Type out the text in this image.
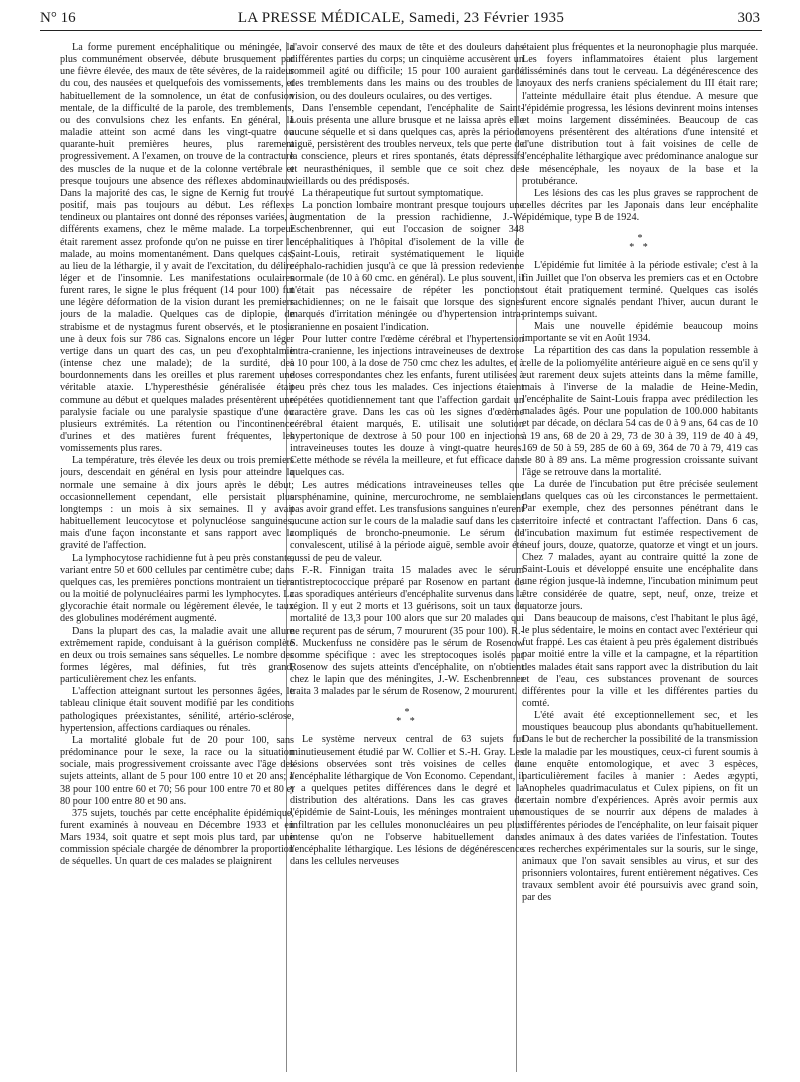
N° 16	LA PRESSE MÉDICALE, Samedi, 23 Février 1935	303

La forme purement encéphalitique ou méningée, la plus communément observée, débute brusquement par une fièvre élevée, des maux de tête sévères, de la raideur du cou, des nausées et quelquefois des vomissements, et habituellement de la somnolence, un état de confusion mentale, de la difficulté de la parole, des tremblements, ou des convulsions chez les enfants. En général, la maladie atteint son acmé dans les vingt-quatre ou quarante-huit premières heures, plus rarement progressivement. A l'examen, on trouve de la contracture des muscles de la nuque et de la colonne vertébrale et presque toujours une absence des réflexes abdominaux. Dans la majorité des cas, le signe de Kernig fut trouvé positif, mais pas toujours au début. Les réflexes tendineux ou plantaires ont donné des réponses variées, à différents examens, chez le même malade. La torpeur était rarement assez profonde qu'on ne puisse en tirer le malade, au moins momentanément. Dans quelques cas, au lieu de la léthargie, il y avait de l'excitation, du délire léger et de l'insomnie. Les manifestations oculaires furent rares, le signe le plus fréquent (14 pour 100) fut une légère déformation de la vision durant les premiers jours de la maladie. Quelques cas de diplopie, de strabisme et de nystagmus furent observés, et le ptosis une à deux fois sur 786 cas. Signalons encore un léger vertige dans un quart des cas, un peu d'exophtalmie (intense chez une malade); de la surdité, des bourdonnements dans les oreilles et plus rarement une véritable ataxie. L'hyperesthésie généralisée était commune au début et quelques malades présentèrent une paralysie faciale ou une paralysie spastique d'une ou plusieurs extrémités. La rétention ou l'incontinence d'urines et des matières furent fréquentes, les vomissements plus rares.

La température, très élevée les deux ou trois premiers jours, descendait en général en lysis pour atteindre la normale une semaine à dix jours après le début; occasionnellement cependant, elle persistait plus longtemps : un mois à six semaines. Il y avait habituellement leucocytose et polynucléose sanguines, mais d'une façon inconstante et sans rapport avec la gravité de l'affection.

La lymphocytose rachidienne fut à peu près constante, variant entre 50 et 600 cellules par centimètre cube; dans quelques cas, les premières ponctions montraient un tiers ou la moitié de polynucléaires parmi les lymphocytes. La glycorachie était normale ou légèrement élevée, le taux des globulines modérément augmenté.

Dans la plupart des cas, la maladie avait une allure extrêmement rapide, conduisant à la guérison complète en deux ou trois semaines sans séquelles. Le nombre des formes légères, mal définies, fut très grand, particulièrement chez les enfants.

L'affection atteignant surtout les personnes âgées, le tableau clinique était souvent modifié par les conditions pathologiques préexistantes, sénilité, artério-sclérose, hypertension, affections cardiaques ou rénales.

La mortalité globale fut de 20 pour 100, sans prédominance pour le sexe, la race ou la situation sociale, mais progressivement croissante avec l'âge des sujets atteints, allant de 5 pour 100 entre 10 et 20 ans; à 38 pour 100 entre 60 et 70; 56 pour 100 entre 70 et 80 et 80 pour 100 entre 80 et 90 ans.

375 sujets, touchés par cette encéphalite épidémique, furent examinés à nouveau en Décembre 1933 et en Mars 1934, soit quatre et sept mois plus tard, par une commission spéciale chargée de dénombrer la proportion de séquelles. Un quart de ces malades se plaignirent

d'avoir conservé des maux de tête et des douleurs dans différentes parties du corps; un cinquième accusèrent un sommeil agité ou difficile; 15 pour 100 auraient gardé des tremblements dans les mains ou des troubles de la vision, ou des douleurs oculaires, ou des vertiges.

Dans l'ensemble cependant, l'encéphalite de Saint-Louis présenta une allure brusque et ne laissa après elle aucune séquelle et si dans quelques cas, après la période aiguë, persistèrent des troubles nerveux, tels que perte de la conscience, pleurs et rires spontanés, états dépressifs et neurasthéniques, il semble que ce soit chez des vieillards ou des prédisposés.

La thérapeutique fut surtout symptomatique.

La ponction lombaire montrant presque toujours une augmentation de la pression rachidienne, J.-W. Eschenbrenner, qui eut l'occasion de soigner 348 encéphalitiques à l'hôpital d'isolement de la ville de Saint-Louis, retirait systématiquement le liquide céphalo-rachidien jusqu'à ce que là pression redevienne normale (de 10 à 60 cmc. en général). Le plus souvent, il n'était pas nécessaire de répéter les ponctions rachidiennes; on ne le faisait que lorsque des signes marqués d'irritation méningée ou d'hypertension intra-cranienne en posaient l'indication.

Pour lutter contre l'œdème cérébral et l'hypertension intra-cranienne, les injections intraveineuses de dextrose à 10 pour 100, à la dose de 750 cmc chez les adultes, et à doses correspondantes chez les enfants, furent utilisées à peu près chez tous les malades. Ces injections étaient répétées quotidiennement tant que l'affection gardait un caractère grave. Dans les cas où les signes d'œdème cérébral étaient marqués, E. utilisait une solution hypertonique de dextrose à 50 pour 100 en injections intraveineuses toutes les douze à vingt-quatre heures. Cette méthode se révéla la meilleure, et fut efficace dans quelques cas.

Les autres médications intraveineuses telles que arsphénamine, quinine, mercurochrome, ne semblaient pas avoir grand effet. Les transfusions sanguines n'eurent aucune action sur le cours de la maladie sauf dans les cas compliqués de broncho-pneumonie. Le sérum de convalescent, utilisé à la période aiguë, semble avoir été aussi de peu de valeur.

F.-R. Finnigan traita 15 malades avec le sérum antistreptococcique préparé par Rosenow en partant de cas sporadiques antérieurs d'encéphalite survenus dans la région. Il y eut 2 morts et 13 guérisons, soit un taux de mortalité de 13,3 pour 100 alors que sur 20 malades qui ne reçurent pas de sérum, 7 moururent (35 pour 100). R.-S. Muckenfuss ne considère pas le sérum de Rosenow comme spécifique : avec les streptocoques isolés par Rosenow des sujets atteints d'encéphalite, on n'obtient chez le lapin que des méningites, J.-W. Eschenbrenner traita 3 malades par le sérum de Rosenow, 2 moururent.

*
* *

Le système nerveux central de 63 sujets fut minutieusement étudié par W. Collier et S.-H. Gray. Les lésions observées sont très voisines de celles de l'encéphalite léthargique de Von Economo. Cependant, il y a quelques petites différences dans le degré et la distribution des altérations. Dans les cas graves de l'épidémie de Saint-Louis, les méninges montraient une infiltration par les cellules mononucléaires un peu plus intense qu'on ne l'observe habituellement dans l'encéphalite léthargique. Les lésions de dégénérescence dans les cellules nerveuses

étaient plus fréquentes et la neuronophagie plus marquée. Les foyers inflammatoires étaient plus largement disséminés dans tout le cerveau. La dégénérescence des noyaux des nerfs craniens spécialement du III était rare; l'atteinte médullaire était plus étendue. A mesure que l'épidémie progressa, les lésions devinrent moins intenses et moins largement disséminées. Beaucoup de cas moyens présentèrent des altérations d'une intensité et d'une distribution tout à fait voisines de celle de l'encéphalite léthargique avec prédominance analogue sur le mésencéphale, les noyaux de la base et la protubérance.

Les lésions des cas les plus graves se rapprochent de celles décrites par les Japonais dans leur encéphalite épidémique, type B de 1924.

*
* *

L'épidémie fut limitée à la période estivale; c'est à la fin Juillet que l'on observa les premiers cas et en Octobre tout était pratiquement terminé. Quelques cas isolés furent encore signalés pendant l'hiver, aucun durant le printemps suivant.

Mais une nouvelle épidémie beaucoup moins importante se vit en Août 1934.

La répartition des cas dans la population ressemble à celle de la poliomyélite antérieure aiguë en ce sens qu'il y eut rarement deux sujets atteints dans la même famille, mais à l'inverse de la maladie de Heine-Medin, l'encéphalite de Saint-Louis frappa avec prédilection les malades âgés. Pour une population de 100.000 habitants et par décade, on déclara 54 cas de 0 à 9 ans, 64 cas de 10 à 19 ans, 68 de 20 à 29, 73 de 30 à 39, 119 de 40 à 49, 169 de 50 à 59, 285 de 60 à 69, 364 de 70 à 79, 419 cas de 80 à 89 ans. La même progression croissante suivant l'âge se retrouve dans la mortalité.

La durée de l'incubation put être précisée seulement dans quelques cas où les circonstances le permettaient. Par exemple, chez des personnes pénétrant dans le territoire infecté et contractant l'affection. Dans 6 cas, l'incubation maximum fut estimée respectivement de neuf jours, douze, quatorze, quatorze et vingt et un jours. Chez 7 malades, ayant au contraire quitté la zone de Saint-Louis et développé ensuite une encéphalite dans une région jusque-là indemne, l'incubation minimum peut être considérée de quatre, sept, neuf, onze, treize et quatorze jours.

Dans beaucoup de maisons, c'est l'habitant le plus âgé, le plus sédentaire, le moins en contact avec l'extérieur qui fut frappé. Les cas étaient à peu près également distribués par moitié entre la ville et la campagne, et la répartition des malades était sans rapport avec la distribution du lait et de l'eau, ces substances provenant de sources différentes pour la ville et les différentes parties du comté.

L'été avait été exceptionnellement sec, et les moustiques beaucoup plus abondants qu'habituellement. Dans le but de rechercher la possibilité de la transmission de la maladie par les moustiques, ceux-ci furent soumis à une enquête entomologique, et avec 3 espèces, particulièrement faciles à manier : Aedes ægypti, Anopheles quadrimaculatus et Culex pipiens, on fit un certain nombre d'expériences. Après avoir permis aux moustiques de se nourrir aux dépens de malades à différentes périodes de l'encéphalite, on leur faisait piquer des animaux à des dates variées de l'infestation. Toutes ces recherches expérimentales sur la souris, sur le singe, animaux que l'on savait sensibles au virus, et sur des prisonniers volontaires, furent entièrement négatives. Ces travaux semblent avoir été poursuivis avec grand soin, par des
